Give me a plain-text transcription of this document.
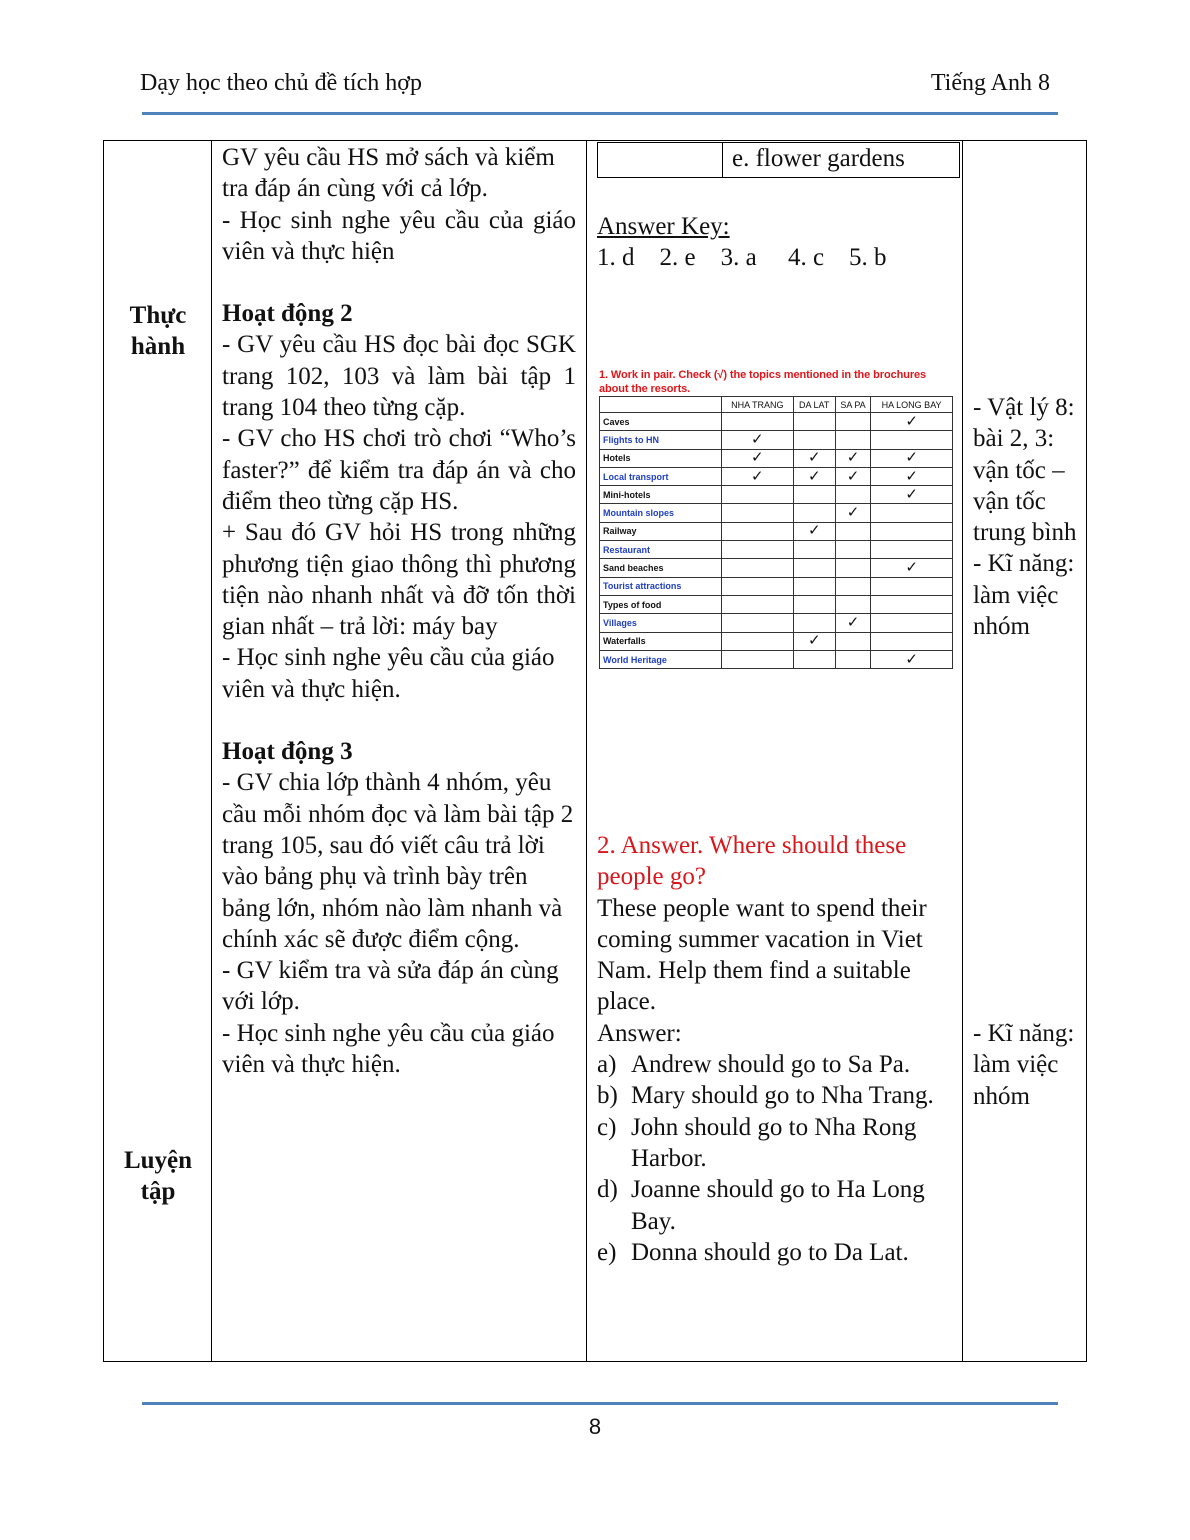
Dạy học theo chủ đề tích hợp	Tiếng Anh 8
Thực
hành
Luyện
tập

GV yêu cầu HS mở sách và kiểm tra đáp án cùng với cả lớp.

- Học sinh nghe yêu cầu của giáo viên và thực hiện

Hoạt động 2

- GV yêu cầu HS đọc bài đọc SGK trang 102, 103 và làm bài tập 1 trang 104 theo từng cặp.

- GV cho HS chơi trò chơi “Who’s faster?” để kiểm tra đáp án và cho điểm theo từng cặp HS.

+ Sau đó GV hỏi HS trong những phương tiện giao thông thì phương tiện nào nhanh nhất và đỡ tốn thời gian nhất – trả lời: máy bay

- Học sinh nghe yêu cầu của giáo viên và thực hiện.

Hoạt động 3

- GV chia lớp thành 4 nhóm, yêu cầu mỗi nhóm đọc và làm bài tập 2 trang 105, sau đó viết câu trả lời vào bảng phụ và trình bày trên bảng lớn, nhóm nào làm nhanh và chính xác sẽ được điểm cộng.

- GV kiểm tra và sửa đáp án cùng với lớp.

- Học sinh nghe yêu cầu của giáo viên và thực hiện.

e. flower gardens
Answer Key:
1. d    2. e    3. a     4. c    5. b
1. Work in pair. Check (√) the topics mentioned in the brochures about the resorts.
	NHA TRANG	DA LAT	SA PA	HA LONG BAY
Caves				✓
Flights to HN	✓			
Hotels	✓	✓	✓	✓
Local transport	✓	✓	✓	✓
Mini-hotels				✓
Mountain slopes			✓	
Railway		✓		
Restaurant				
Sand beaches				✓
Tourist attractions				
Types of food				
Villages			✓	
Waterfalls		✓		
World Heritage				✓
2. Answer. Where should these people go?
These people want to spend their coming summer vacation in Viet Nam. Help them find a suitable place.
Answer:
a) Andrew should go to Sa Pa.
b) Mary should go to Nha Trang.
c) John should go to Nha Rong Harbor.
d) Joanne should go to Ha Long Bay.
e) Donna should go to Da Lat.

- Vật lý 8: bài 2, 3: vận tốc – vận tốc trung bình

- Kĩ năng: làm việc nhóm

- Kĩ năng: làm việc nhóm

8
